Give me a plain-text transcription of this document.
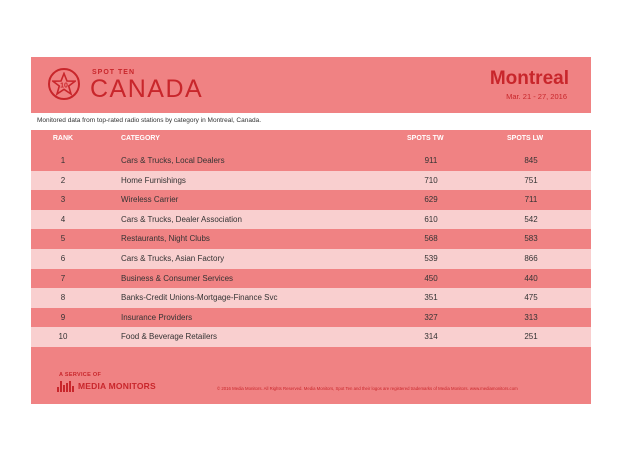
10
SPOT TEN
CANADA	Montreal
Mar. 21 - 27, 2016
Monitored data from top-rated radio stations by category in Montreal, Canada.
RANK	CATEGORY	SPOTS TW	SPOTS LW
1	Cars & Trucks, Local Dealers	911	845
2	Home Furnishings	710	751
3	Wireless Carrier	629	711
4	Cars & Trucks, Dealer Association	610	542
5	Restaurants, Night Clubs	568	583
6	Cars & Trucks, Asian Factory	539	866
7	Business & Consumer Services	450	440
8	Banks-Credit Unions-Mortgage-Finance Svc	351	475
9	Insurance Providers	327	313
10	Food & Beverage Retailers	314	251
A SERVICE OF
MEDIA MONITORS	© 2016 Media Monitors. All Rights Reserved. Media Monitors, Spot Ten and their logos are registered trademarks of Media Monitors. www.mediamonitors.com
